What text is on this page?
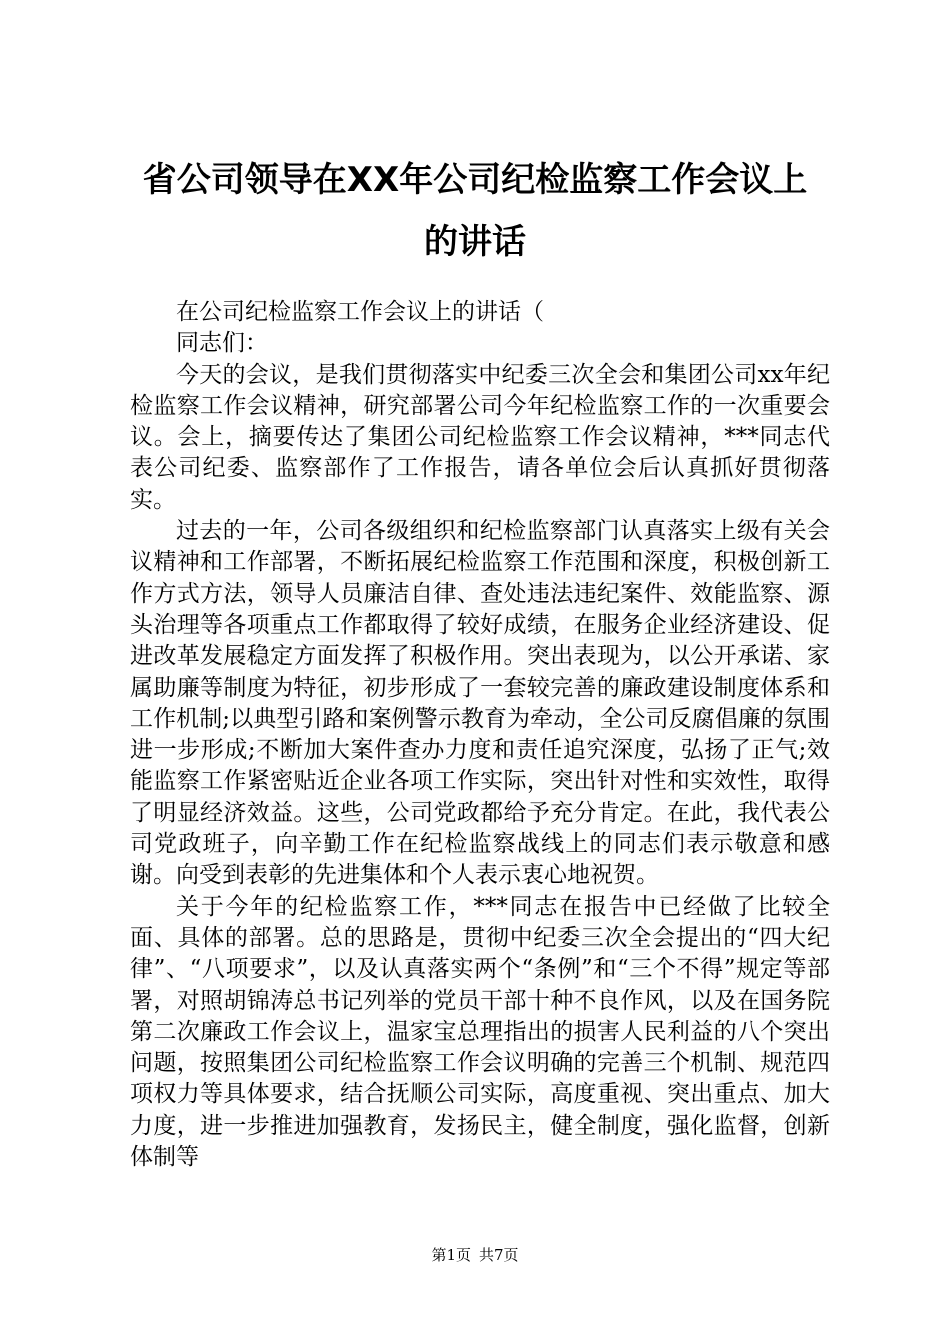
省公司领导在XX年公司纪检监察工作会议上
的讲话

在公司纪检监察工作会议上的讲话（

同志们：

今天的会议，是我们贯彻落实中纪委三次全会和集团公司xx年纪检监察工作会议精神，研究部署公司今年纪检监察工作的一次重要会议。会上，摘要传达了集团公司纪检监察工作会议精神，***同志代表公司纪委、监察部作了工作报告，请各单位会后认真抓好贯彻落实。

过去的一年，公司各级组织和纪检监察部门认真落实上级有关会议精神和工作部署，不断拓展纪检监察工作范围和深度，积极创新工作方式方法，领导人员廉洁自律、查处违法违纪案件、效能监察、源头治理等各项重点工作都取得了较好成绩，在服务企业经济建设、促进改革发展稳定方面发挥了积极作用。突出表现为，以公开承诺、家属助廉等制度为特征，初步形成了一套较完善的廉政建设制度体系和工作机制;以典型引路和案例警示教育为牵动，全公司反腐倡廉的氛围进一步形成;不断加大案件查办力度和责任追究深度，弘扬了正气;效能监察工作紧密贴近企业各项工作实际，突出针对性和实效性，取得了明显经济效益。这些，公司党政都给予充分肯定。在此，我代表公司党政班子，向辛勤工作在纪检监察战线上的同志们表示敬意和感谢。向受到表彰的先进集体和个人表示衷心地祝贺。

关于今年的纪检监察工作，***同志在报告中已经做了比较全面、具体的部署。总的思路是，贯彻中纪委三次全会提出的“四大纪律”、“八项要求”，以及认真落实两个“条例”和“三个不得”规定等部署，对照胡锦涛总书记列举的党员干部十种不良作风，以及在国务院第二次廉政工作会议上，温家宝总理指出的损害人民利益的八个突出问题，按照集团公司纪检监察工作会议明确的完善三个机制、规范四项权力等具体要求，结合抚顺公司实际，高度重视、突出重点、加大力度，进一步推进加强教育，发扬民主，健全制度，强化监督，创新体制等

第1页 共7页
